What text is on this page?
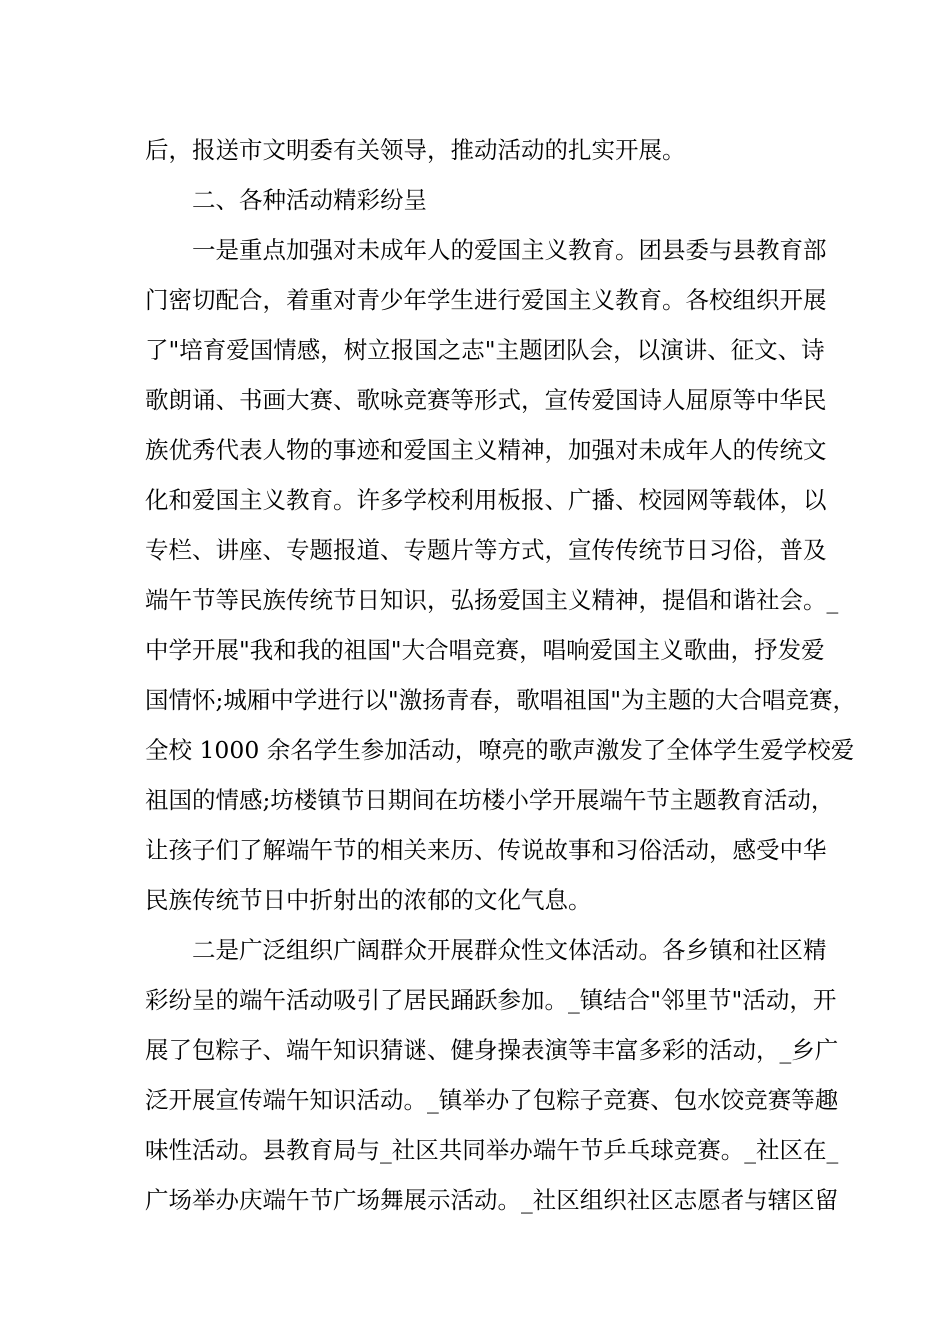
后，报送市文明委有关领导，推动活动的扎实开展。
　　二、各种活动精彩纷呈
　　一是重点加强对未成年人的爱国主义教育。团县委与县教育部
门密切配合，着重对青少年学生进行爱国主义教育。各校组织开展
了"培育爱国情感，树立报国之志"主题团队会，以演讲、征文、诗
歌朗诵、书画大赛、歌咏竞赛等形式，宣传爱国诗人屈原等中华民
族优秀代表人物的事迹和爱国主义精神，加强对未成年人的传统文
化和爱国主义教育。许多学校利用板报、广播、校园网等载体，以
专栏、讲座、专题报道、专题片等方式，宣传传统节日习俗，普及
端午节等民族传统节日知识，弘扬爱国主义精神，提倡和谐社会。_
中学开展"我和我的祖国"大合唱竞赛，唱响爱国主义歌曲，抒发爱
国情怀;城厢中学进行以"激扬青春，歌唱祖国"为主题的大合唱竞赛，
全校 1000 余名学生参加活动，嘹亮的歌声激发了全体学生爱学校爱
祖国的情感;坊楼镇节日期间在坊楼小学开展端午节主题教育活动，
让孩子们了解端午节的相关来历、传说故事和习俗活动，感受中华
民族传统节日中折射出的浓郁的文化气息。
　　二是广泛组织广阔群众开展群众性文体活动。各乡镇和社区精
彩纷呈的端午活动吸引了居民踊跃参加。_镇结合"邻里节"活动，开
展了包粽子、端午知识猜谜、健身操表演等丰富多彩的活动，_乡广
泛开展宣传端午知识活动。_镇举办了包粽子竞赛、包水饺竞赛等趣
味性活动。县教育局与_社区共同举办端午节乒乓球竞赛。_社区在_
广场举办庆端午节广场舞展示活动。_社区组织社区志愿者与辖区留
